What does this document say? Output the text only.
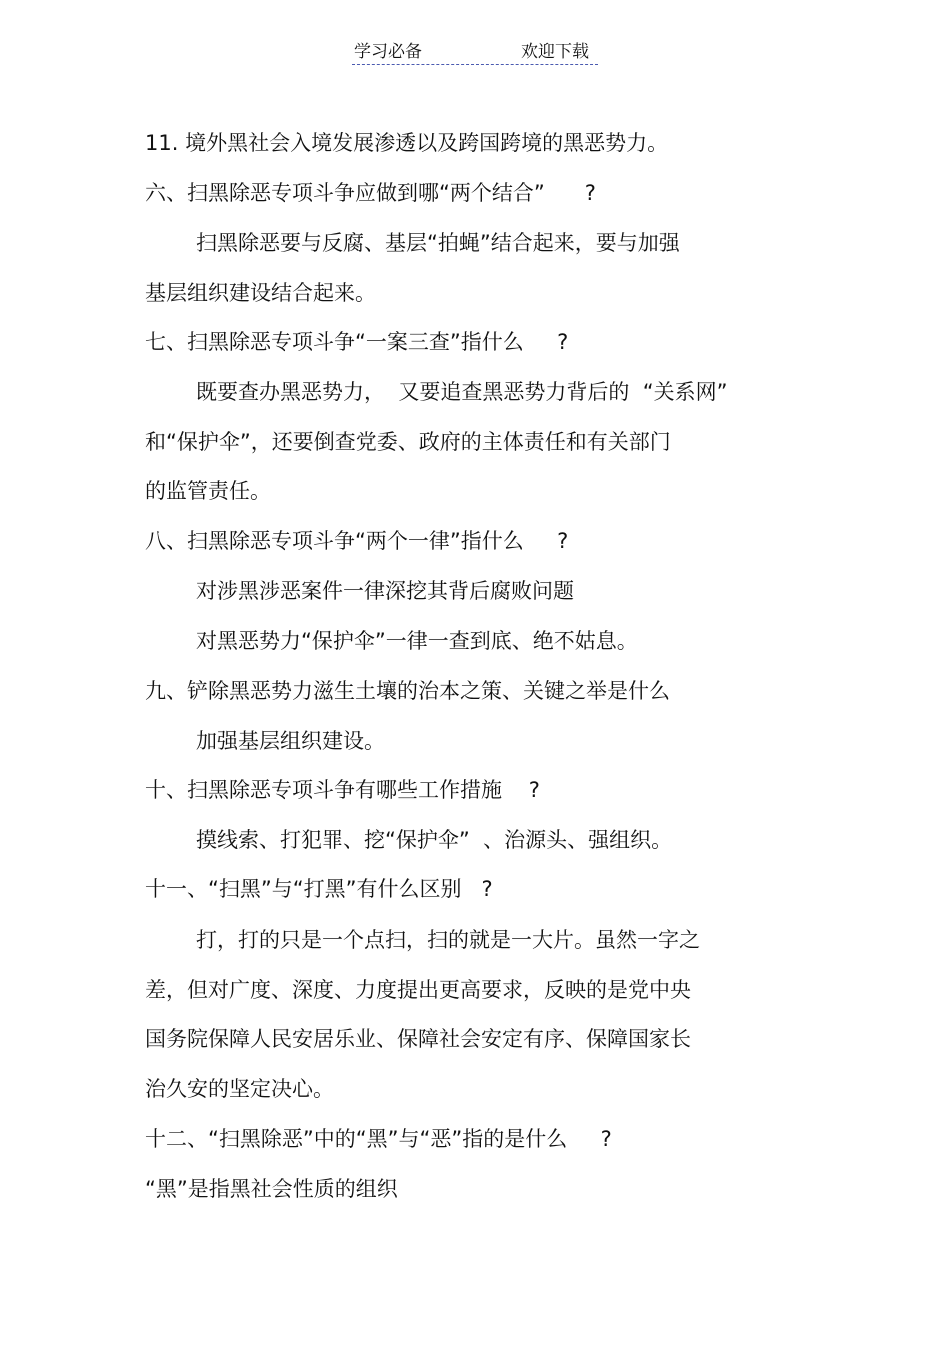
学习必备	欢迎下载
11. 境外黑社会入境发展渗透以及跨国跨境的黑恶势力。
六、扫黑除恶专项斗争应做到哪“两个结合”      ?
扫黑除恶要与反腐、基层“拍蝇”结合起来，要与加强
基层组织建设结合起来。
七、扫黑除恶专项斗争“一案三查”指什么     ?
既要查办黑恶势力，  又要追查黑恶势力背后的  “关系网”
和“保护伞”，还要倒查党委、政府的主体责任和有关部门
的监管责任。
八、扫黑除恶专项斗争“两个一律”指什么     ?
对涉黑涉恶案件一律深挖其背后腐败问题
对黑恶势力“保护伞”一律一查到底、绝不姑息。
九、铲除黑恶势力滋生土壤的治本之策、关键之举是什么
加强基层组织建设。
十、扫黑除恶专项斗争有哪些工作措施    ?
摸线索、打犯罪、挖“保护伞”  、治源头、强组织。
十一、“扫黑”与“打黑”有什么区别   ?
打，打的只是一个点扫，扫的就是一大片。虽然一字之
差，但对广度、深度、力度提出更高要求，反映的是党中央
国务院保障人民安居乐业、保障社会安定有序、保障国家长
治久安的坚定决心。
十二、“扫黑除恶”中的“黑”与“恶”指的是什么     ?
“黑”是指黑社会性质的组织
